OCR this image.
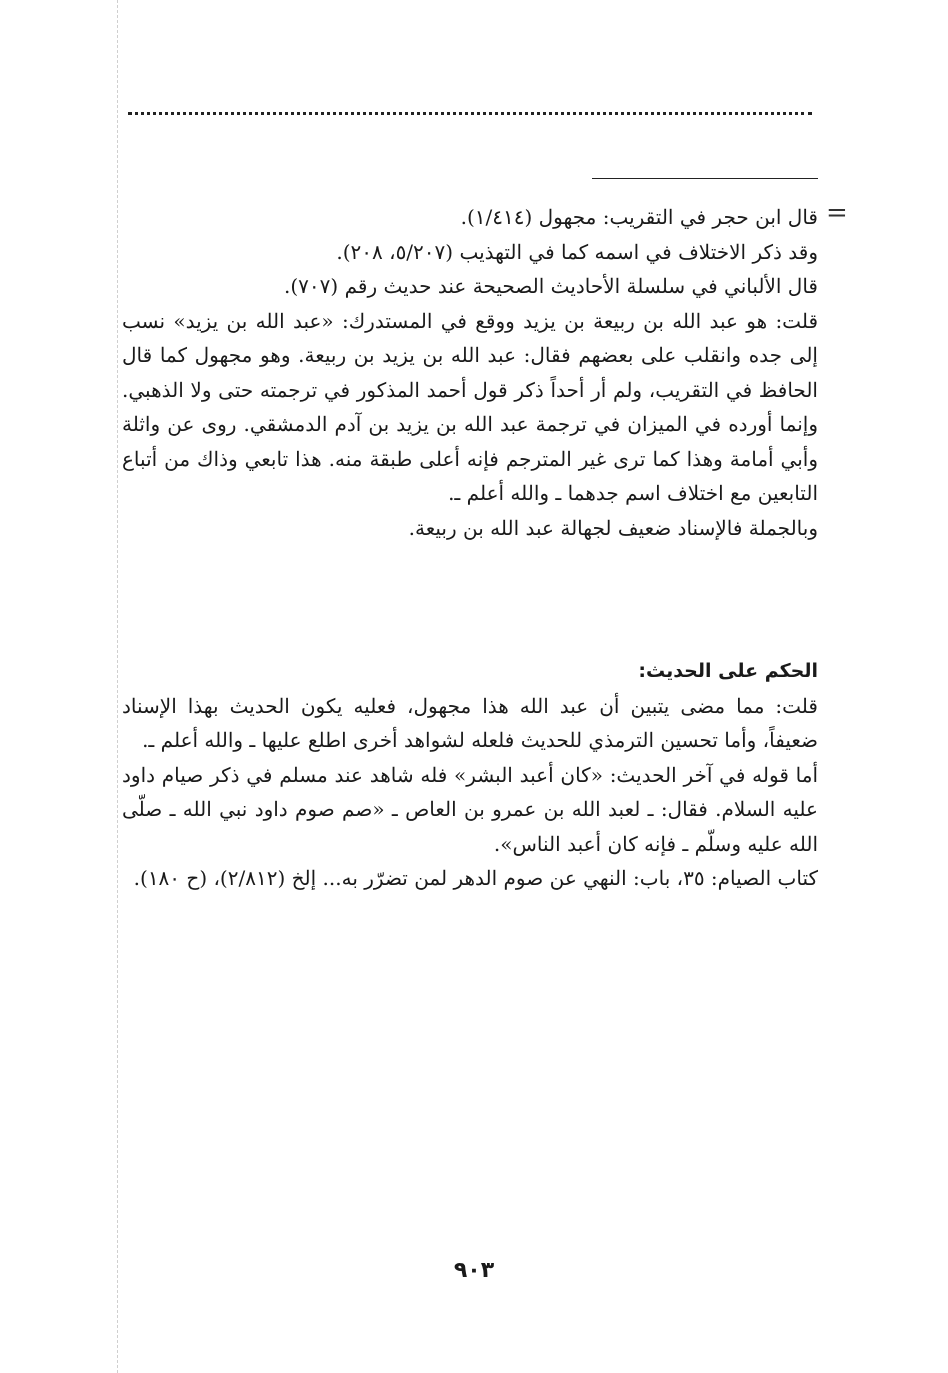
=

قال ابن حجر في التقريب: مجهول (١/٤١٤).

وقد ذكر الاختلاف في اسمه كما في التهذيب (٥/٢٠٧، ٢٠٨).

قال الألباني في سلسلة الأحاديث الصحيحة عند حديث رقم (٧٠٧).

قلت: هو عبد الله بن ربيعة بن يزيد ووقع في المستدرك: «عبد الله بن يزيد» نسب إلى جده وانقلب على بعضهم فقال: عبد الله بن يزيد بن ربيعة. وهو مجهول كما قال الحافظ في التقريب، ولم أر أحداً ذكر قول أحمد المذكور في ترجمته حتى ولا الذهبي. وإنما أورده في الميزان في ترجمة عبد الله بن يزيد بن آدم الدمشقي. روى عن واثلة وأبي أمامة وهذا كما ترى غير المترجم فإنه أعلى طبقة منه. هذا تابعي وذاك من أتباع التابعين مع اختلاف اسم جدهما ـ والله أعلم ـ.

وبالجملة فالإسناد ضعيف لجهالة عبد الله بن ربيعة.

الحكم على الحديث:

قلت: مما مضى يتبين أن عبد الله هذا مجهول، فعليه يكون الحديث بهذا الإسناد ضعيفاً، وأما تحسين الترمذي للحديث فلعله لشواهد أخرى اطلع عليها ـ والله أعلم ـ.

أما قوله في آخر الحديث: «كان أعبد البشر» فله شاهد عند مسلم في ذكر صيام داود عليه السلام. فقال: ـ لعبد الله بن عمرو بن العاص ـ «صم صوم داود نبي الله ـ صلّى الله عليه وسلّم ـ فإنه كان أعبد الناس».

كتاب الصيام: ٣٥، باب: النهي عن صوم الدهر لمن تضرّر به... إلخ (٢/٨١٢)، (ح ١٨٠).

٩٠٣
